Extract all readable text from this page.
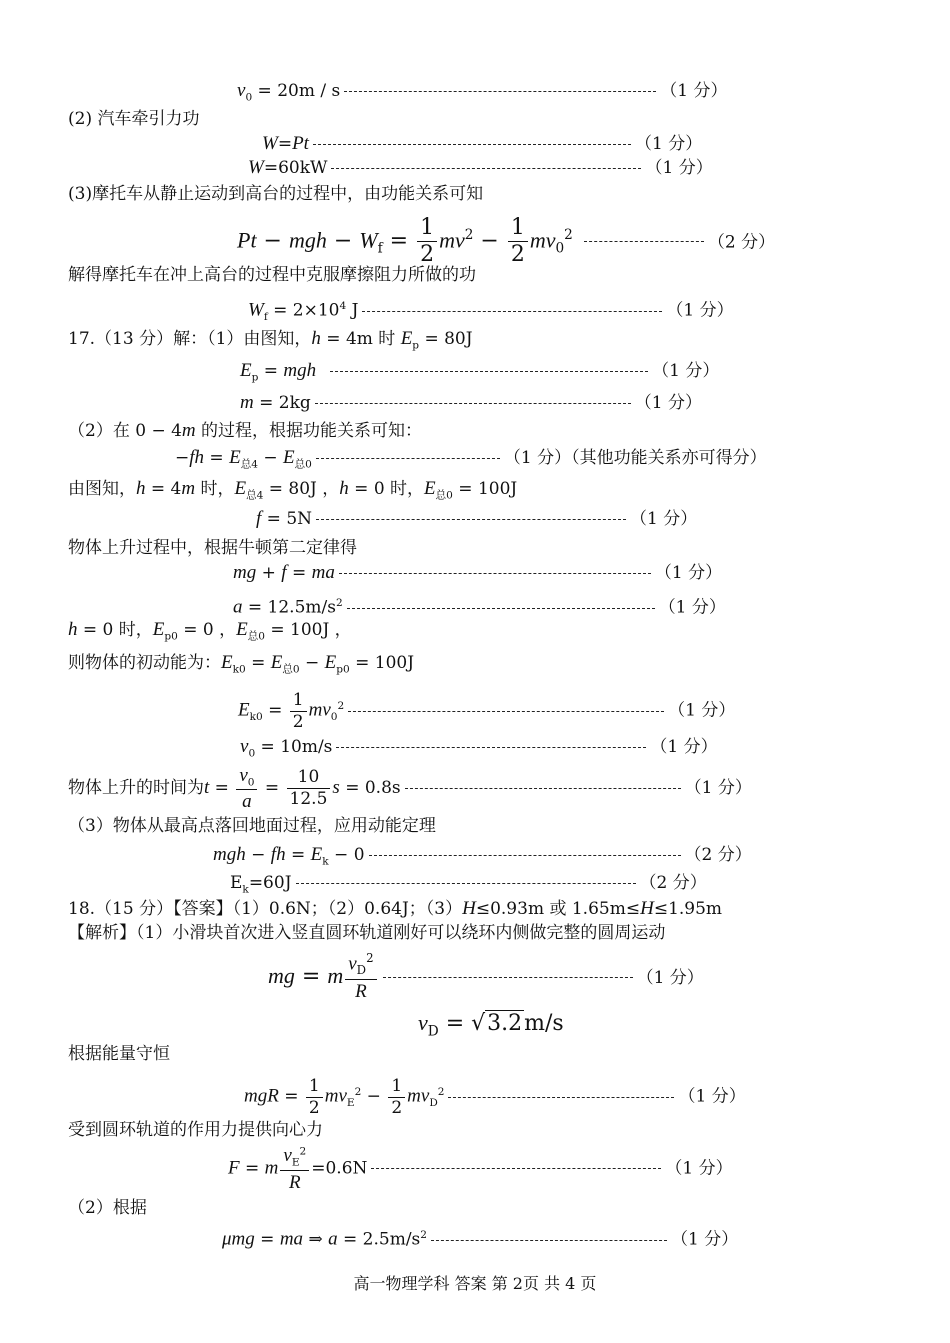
$v_0 = 20m / s$	（1 分）
(2) 汽车牵引力功
W=Pt	（1 分）
W=60kW	（1 分）
(3)摩托车从静止运动到高台的过程中，由功能关系可知
Pt − mgh − $W_f = \frac{1}{2} mv^2 - \frac{1}{2} mv_0^2$	（2 分）
解得摩托车在冲上高台的过程中克服摩擦阻力所做的功
$W_f = 2\times 10^4$ J	（1 分）
17.（13 分）解：（1）由图知，h = 4m 时 $E_p = 80J$
$E_p$ = mgh	（1 分）
m = 2kg	（1 分）
（2）在 0 − 4m 的过程，根据功能关系可知：
$-fh = E_{总4} - E_{总0}$	（1 分）（其他功能关系亦可得分）
由图知，h = 4m 时，$E_{总4} = 80J$ ，h = 0 时，$E_{总0} = 100J$
f = 5N	（1 分）
物体上升过程中，根据牛顿第二定律得
mg + f = ma	（1 分）
$a = 12.5m/s^2$	（1 分）
h = 0 时，$E_{p0} = 0$ ，$E_{总0} = 100J$ ，
则物体的初动能为：$E_{k0} = E_{总0} - E_{p0} = 100J$
$E_{k0} = \frac{1}{2} mv_0^2$	（1 分）
$v_0 = 10m/s$	（1 分）
物体上升的时间为$t = \frac{v_0}{a} = \frac{10}{12.5}$ s = 0.8s	（1 分）
（3）物体从最高点落回地面过程，应用动能定理
mgh − fh = $E_k - 0$	（2 分）
$E_k=60J$	（2 分）
18.（15 分）【答案】（1）0.6N；（2）0.64J；（3）H≤0.93m 或 1.65m≤H≤1.95m
【解析】（1）小滑块首次进入竖直圆环轨道刚好可以绕环内侧做完整的圆周运动
mg = m $\frac{v_D^2}{R}$	（1 分）
$v_D = √3.2m/s$
根据能量守恒
mgR = $\frac{1}{2} mv_E^2 - \frac{1}{2} mv_D^2$	（1 分）
受到圆环轨道的作用力提供向心力
F = m $\frac{v_E^2}{R} =0.6N$	（1 分）
（2）根据
μmg = ma ⇒ $a = 2.5m/s^2$	（1 分）
高一物理学科 答案 第 2页 共 4 页
